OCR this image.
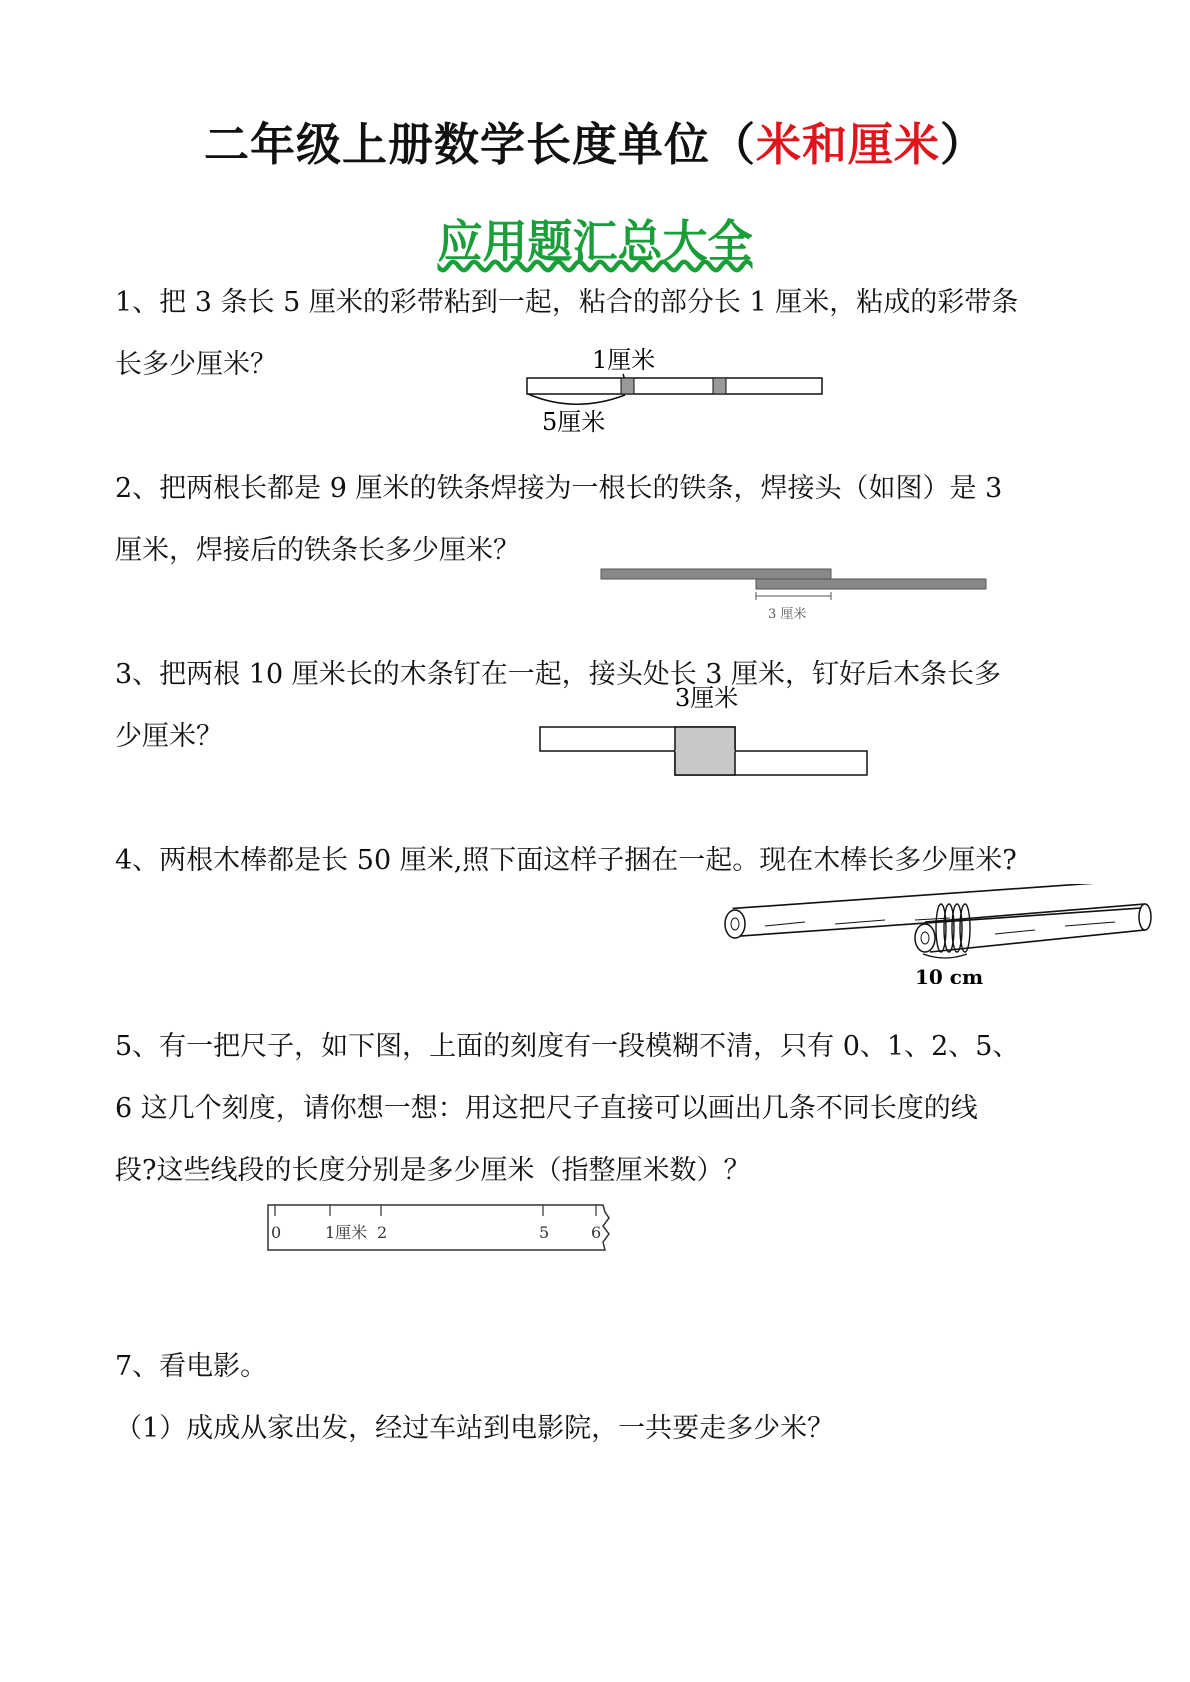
二年级上册数学长度单位（米和厘米）
应用题汇总大全
1、把 3 条长 5 厘米的彩带粘到一起，粘合的部分长 1 厘米，粘成的彩带条
长多少厘米？	1厘米
5厘米
2、把两根长都是 9 厘米的铁条焊接为一根长的铁条，焊接头（如图）是 3
厘米，焊接后的铁条长多少厘米？
3 厘米
3、把两根 10 厘米长的木条钉在一起，接头处长 3 厘米，钉好后木条长多
少厘米？
3厘米
4、两根木棒都是长 50 厘米,照下面这样子捆在一起。现在木棒长多少厘米?
10 cm
5、有一把尺子，如下图，上面的刻度有一段模糊不清，只有 0、1、2、5、
6 这几个刻度，请你想一想：用这把尺子直接可以画出几条不同长度的线
段?这些线段的长度分别是多少厘米（指整厘米数）？
0	1厘米 2	5	6
7、看电影。
（1）成成从家出发，经过车站到电影院，一共要走多少米？
